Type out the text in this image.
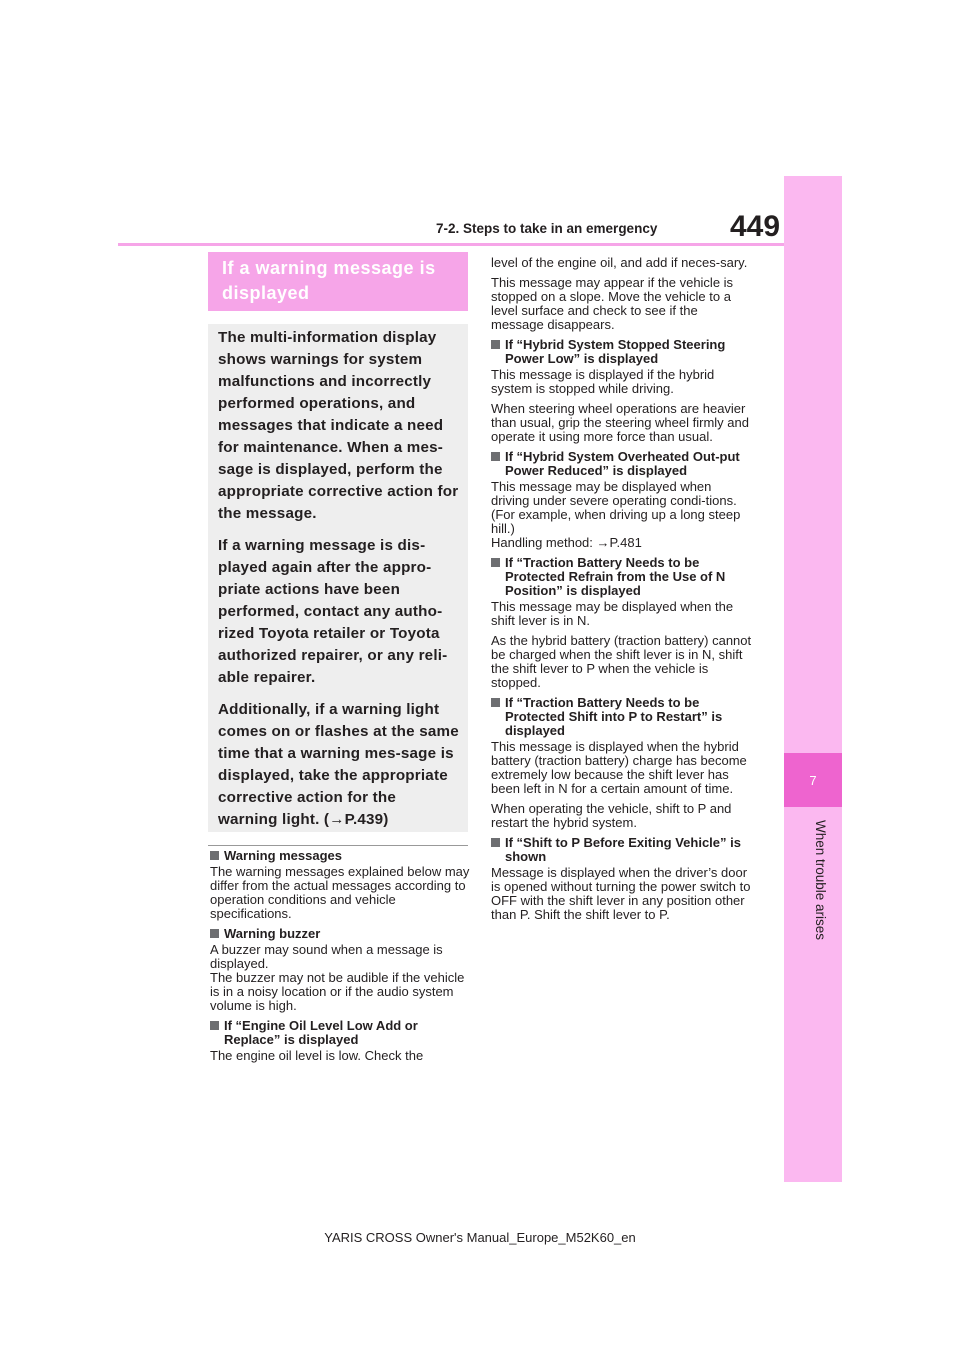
7
When trouble arises
449
7-2. Steps to take in an emergency
If a warning message is displayed

The multi-information display shows warnings for system malfunctions and incorrectly performed operations, and messages that indicate a need for maintenance. When a mes-sage is displayed, perform the appropriate corrective action for the message.

If a warning message is dis-played again after the appro-priate actions have been performed, contact any autho-rized Toyota retailer or Toyota authorized repairer, or any reli-able repairer.

Additionally, if a warning light comes on or flashes at the same time that a warning mes-sage is displayed, take the appropriate corrective action for the warning light. (→P.439)

Warning messages

The warning messages explained below may differ from the actual messages according to operation conditions and vehicle specifications.

Warning buzzer

A buzzer may sound when a message is displayed.
The buzzer may not be audible if the vehicle is in a noisy location or if the audio system volume is high.

If “Engine Oil Level Low Add or Replace” is displayed

The engine oil level is low. Check the

level of the engine oil, and add if neces-sary.

This message may appear if the vehicle is stopped on a slope. Move the vehicle to a level surface and check to see if the message disappears.

If “Hybrid System Stopped Steering Power Low” is displayed

This message is displayed if the hybrid system is stopped while driving.

When steering wheel operations are heavier than usual, grip the steering wheel firmly and operate it using more force than usual.

If “Hybrid System Overheated Out-put Power Reduced” is displayed

This message may be displayed when driving under severe operating condi-tions. (For example, when driving up a long steep hill.)
Handling method: →P.481

If “Traction Battery Needs to be Protected Refrain from the Use of N Position” is displayed

This message may be displayed when the shift lever is in N.

As the hybrid battery (traction battery) cannot be charged when the shift lever is in N, shift the shift lever to P when the vehicle is stopped.

If “Traction Battery Needs to be Protected Shift into P to Restart” is displayed

This message is displayed when the hybrid battery (traction battery) charge has become extremely low because the shift lever has been left in N for a certain amount of time.

When operating the vehicle, shift to P and restart the hybrid system.

If “Shift to P Before Exiting Vehicle” is shown

Message is displayed when the driver’s door is opened without turning the power switch to OFF with the shift lever in any position other than P. Shift the shift lever to P.

YARIS CROSS Owner's Manual_Europe_M52K60_en
